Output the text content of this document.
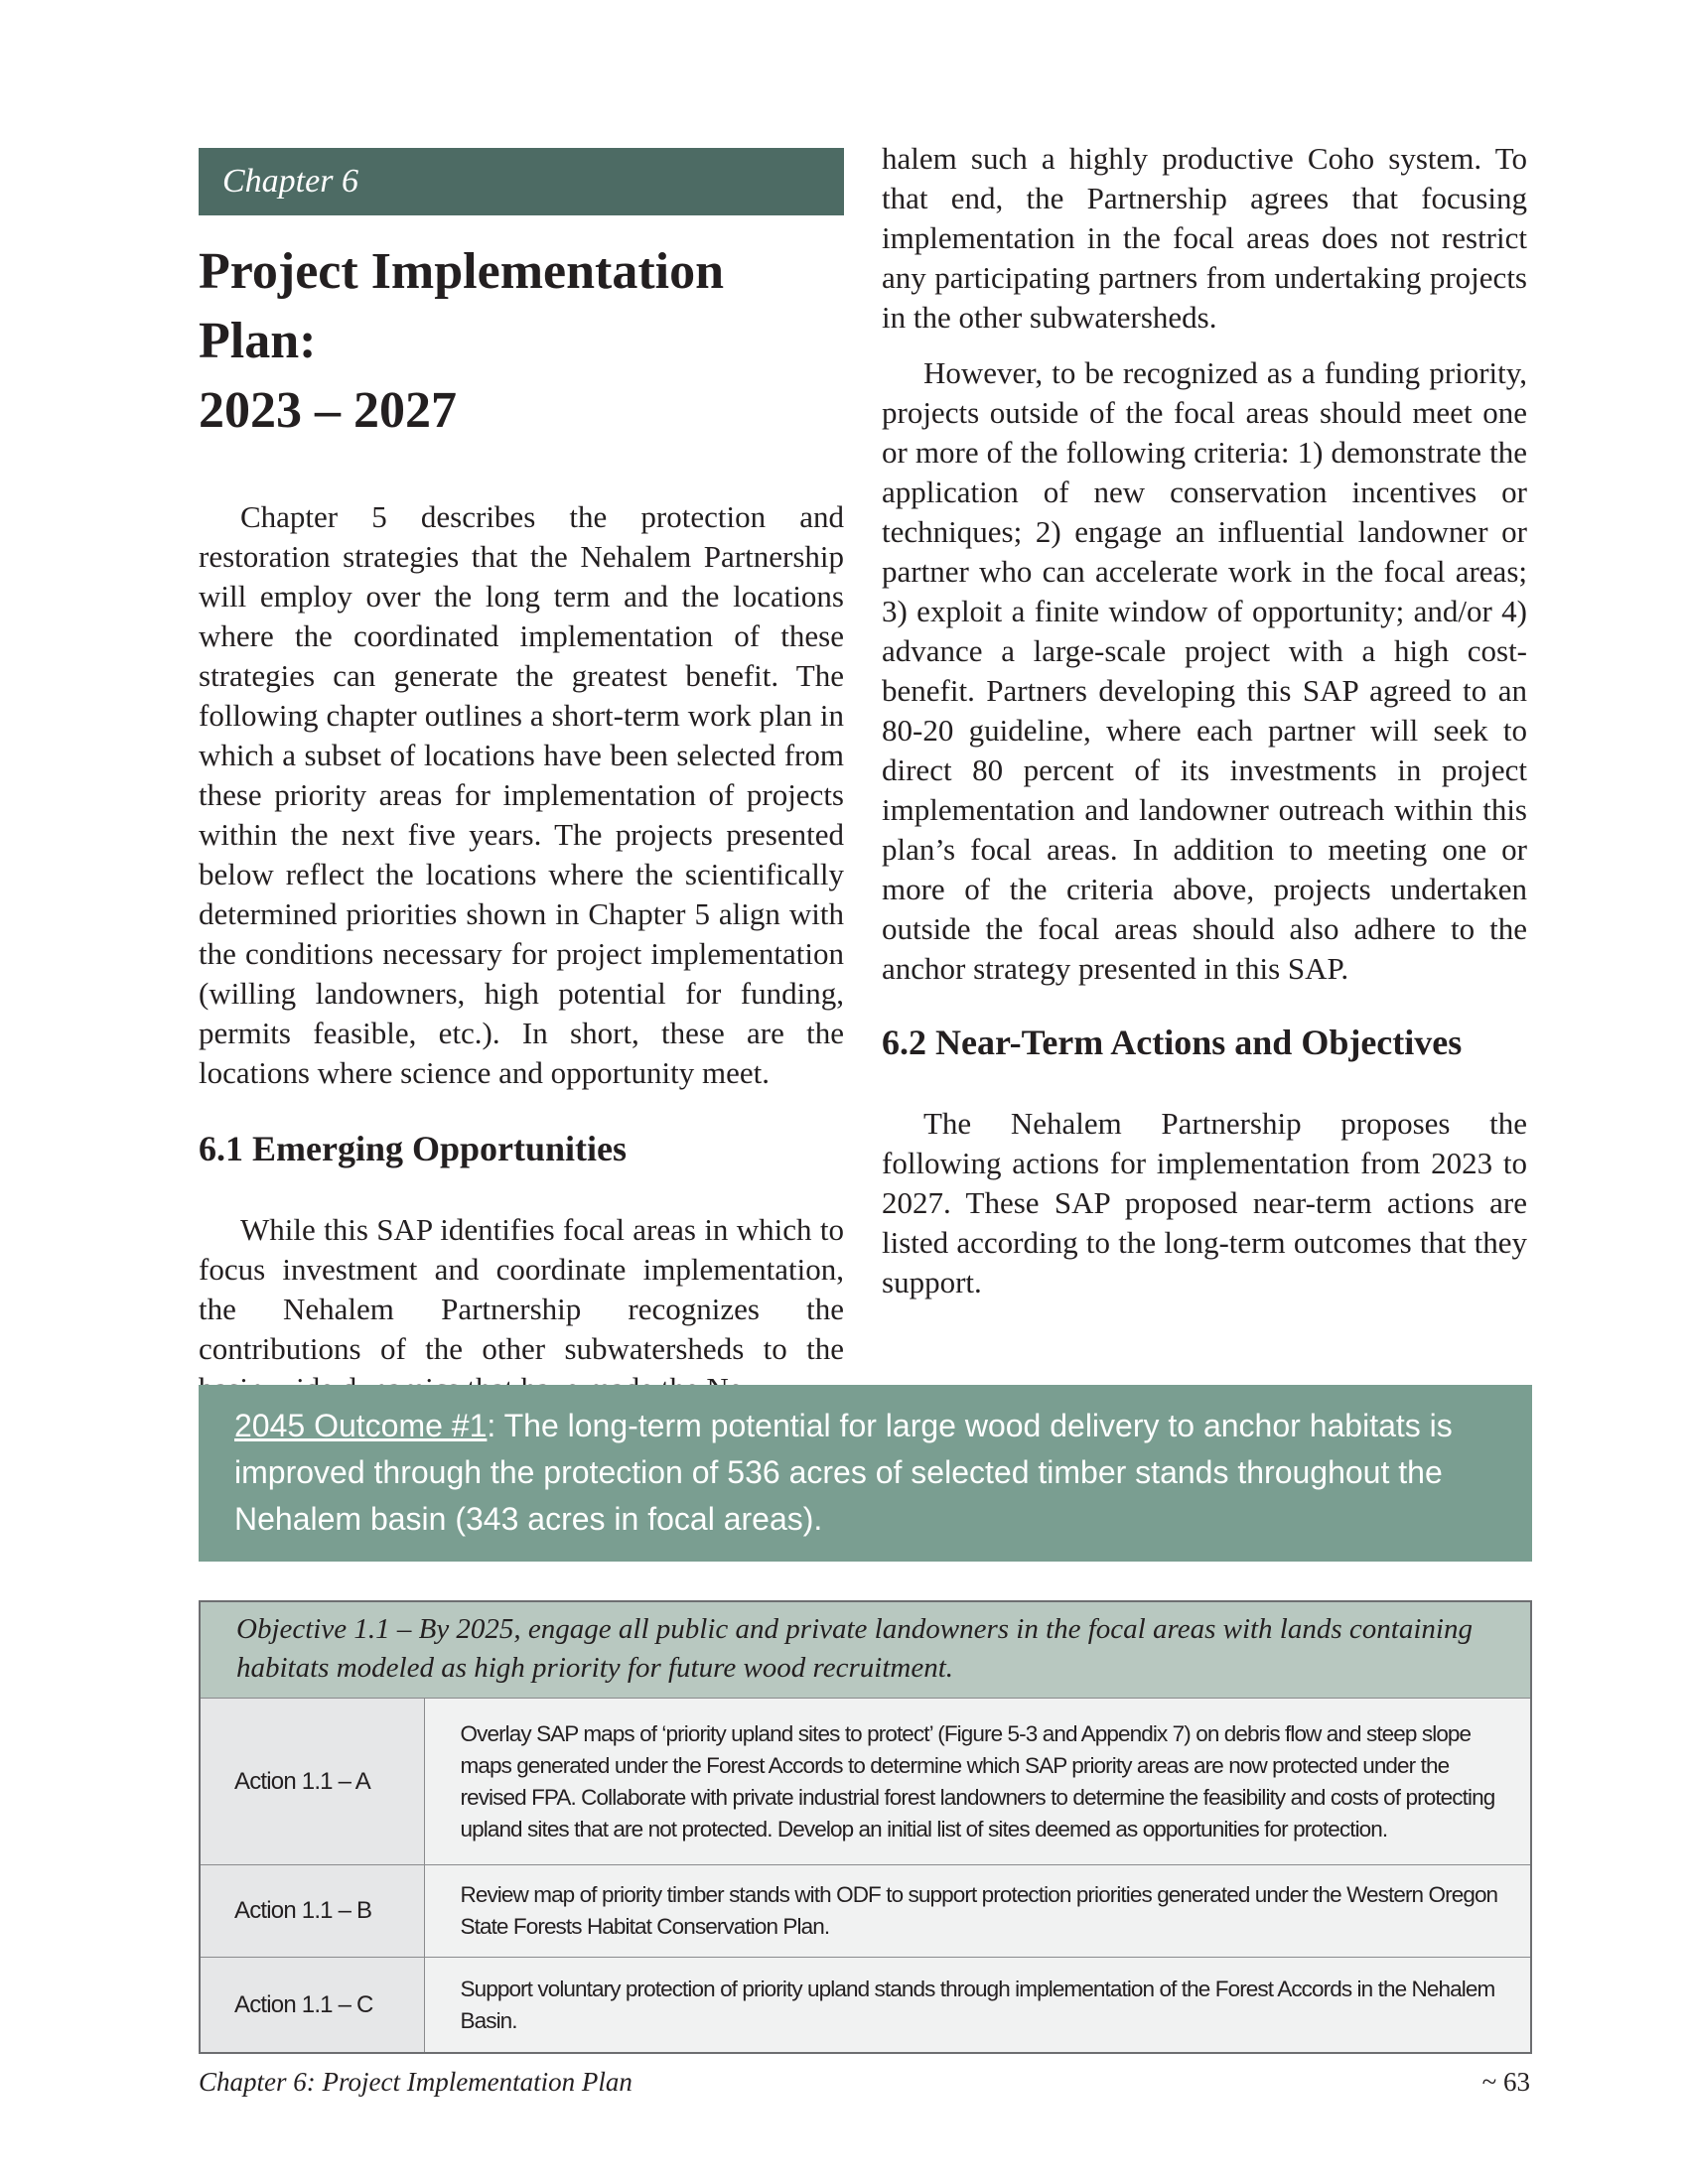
Chapter 6
Project Implementation Plan:
2023 – 2027

Chapter 5 describes the protection and restoration strategies that the Nehalem Partnership will employ over the long term and the locations where the coordinated implementation of these strategies can generate the greatest benefit. The following chapter outlines a short-term work plan in which a subset of locations have been selected from these priority areas for implementation of projects within the next five years. The projects presented below reflect the locations where the scientifically determined priorities shown in Chapter 5 align with the conditions necessary for project implementation (willing landowners, high potential for funding, permits feasible, etc.). In short, these are the locations where science and opportunity meet.

6.1 Emerging Opportunities

While this SAP identifies focal areas in which to focus investment and coordinate implementation, the Nehalem Partnership recognizes the contributions of the other subwatersheds to the

halem such a highly productive Coho system. To that end, the Partnership agrees that focusing implementation in the focal areas does not restrict any participating partners from undertaking projects in the other subwatersheds.

However, to be recognized as a funding priority, projects outside of the focal areas should meet one or more of the following criteria: 1) demonstrate the application of new conservation incentives or techniques; 2) engage an influential landowner or partner who can accelerate work in the focal areas; 3) exploit a finite window of opportunity; and/or 4) advance a large-scale project with a high cost-benefit. Partners developing this SAP agreed to an 80-20 guideline, where each partner will seek to direct 80 percent of its investments in project implementation and landowner outreach within this plan’s focal areas. In addition to meeting one or more of the criteria above, projects undertaken outside the focal areas should also adhere to the anchor strategy presented in this SAP.

6.2 Near-Term Actions and Objectives

The Nehalem Partnership proposes the following actions for implementation from 2023 to 2027. These SAP proposed near-term actions are listed according to the long-term outcomes that they support.

2045 Outcome #1: The long-term potential for large wood delivery to anchor habitats is improved through the protection of 536 acres of selected timber stands throughout the Nehalem basin (343 acres in focal areas).
Objective 1.1 – By 2025, engage all public and private landowners in the focal areas with lands containing habitats modeled as high priority for future wood recruitment.	
Action 1.1 – A	Overlay SAP maps of ‘priority upland sites to protect’ (Figure 5-3 and Appendix 7) on debris flow and steep slope maps generated under the Forest Accords to determine which SAP priority areas are now protected under the revised FPA. Collaborate with private industrial forest landowners to determine the feasibility and costs of protecting upland sites that are not protected. Develop an initial list of sites deemed as opportunities for protection.
Action 1.1 – B	Review map of priority timber stands with ODF to support protection priorities generated under the Western Oregon State Forests Habitat Conservation Plan.
Action 1.1 – C	Support voluntary protection of priority upland stands through implementation of the Forest Accords in the Nehalem Basin.
Chapter 6: Project Implementation Plan	~ 63
